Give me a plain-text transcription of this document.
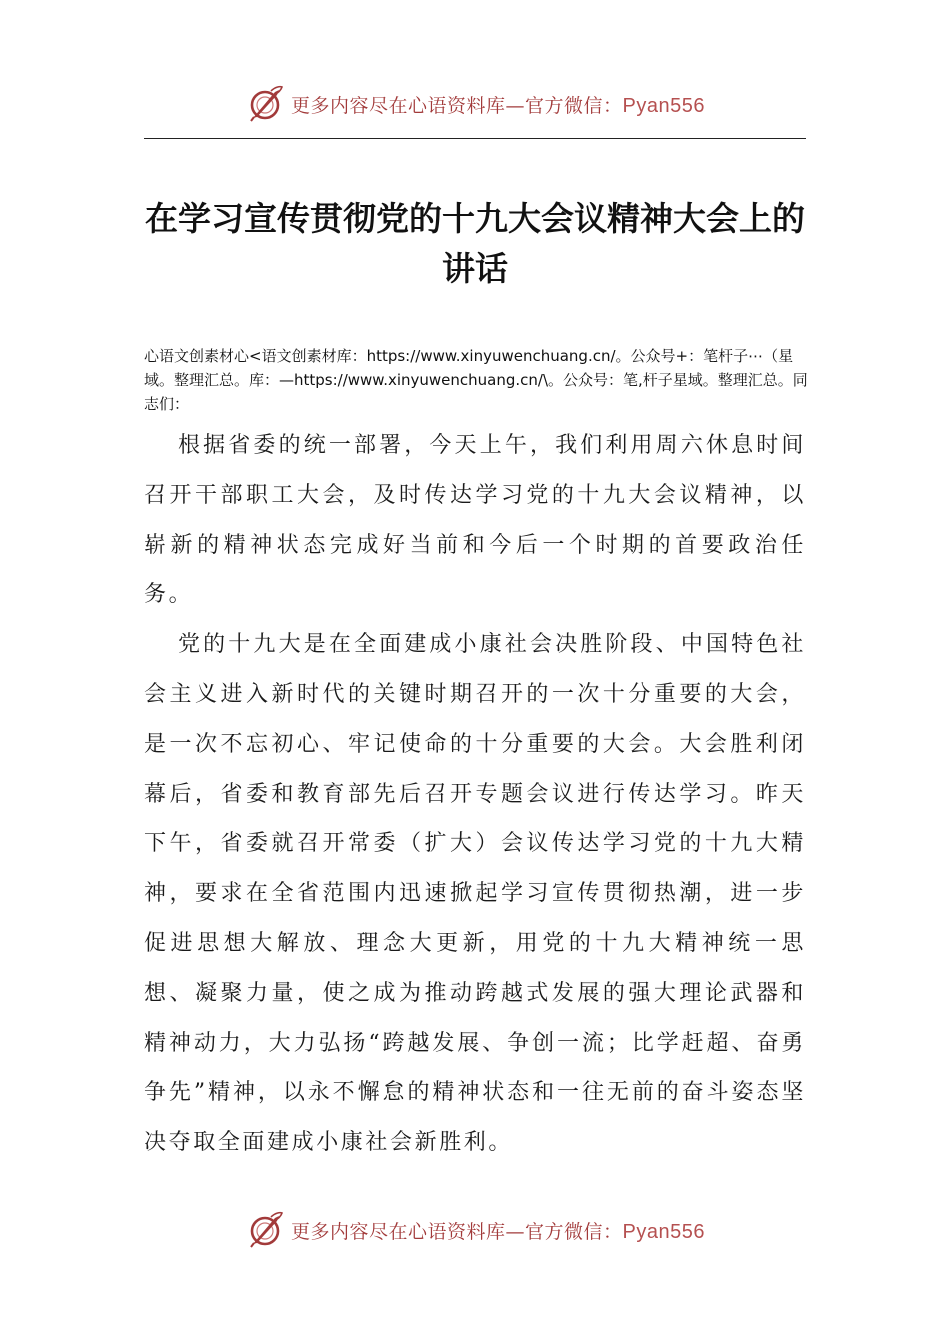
更多内容尽在心语资料库—官方微信：Pyan556
在学习宣传贯彻党的十九大会议精神大会上的讲话

心语文创素材心<语文创素材库：https://www.xinyuwenchuang.cn/。公众号+：笔杆子⋯（星域。整理汇总。库：—https://www.xinyuwenchuang.cn/\。公众号：笔,杆子星域。整理汇总。同志们：

根据省委的统一部署，今天上午，我们利用周六休息时间召开干部职工大会，及时传达学习党的十九大会议精神，以崭新的精神状态完成好当前和今后一个时期的首要政治任务。

党的十九大是在全面建成小康社会决胜阶段、中国特色社会主义进入新时代的关键时期召开的一次十分重要的大会，是一次不忘初心、牢记使命的十分重要的大会。大会胜利闭幕后，省委和教育部先后召开专题会议进行传达学习。昨天下午，省委就召开常委（扩大）会议传达学习党的十九大精神，要求在全省范围内迅速掀起学习宣传贯彻热潮，进一步促进思想大解放、理念大更新，用党的十九大精神统一思想、凝聚力量，使之成为推动跨越式发展的强大理论武器和精神动力，大力弘扬“跨越发展、争创一流；比学赶超、奋勇争先”精神，以永不懈怠的精神状态和一往无前的奋斗姿态坚决夺取全面建成小康社会新胜利。

更多内容尽在心语资料库—官方微信：Pyan556
